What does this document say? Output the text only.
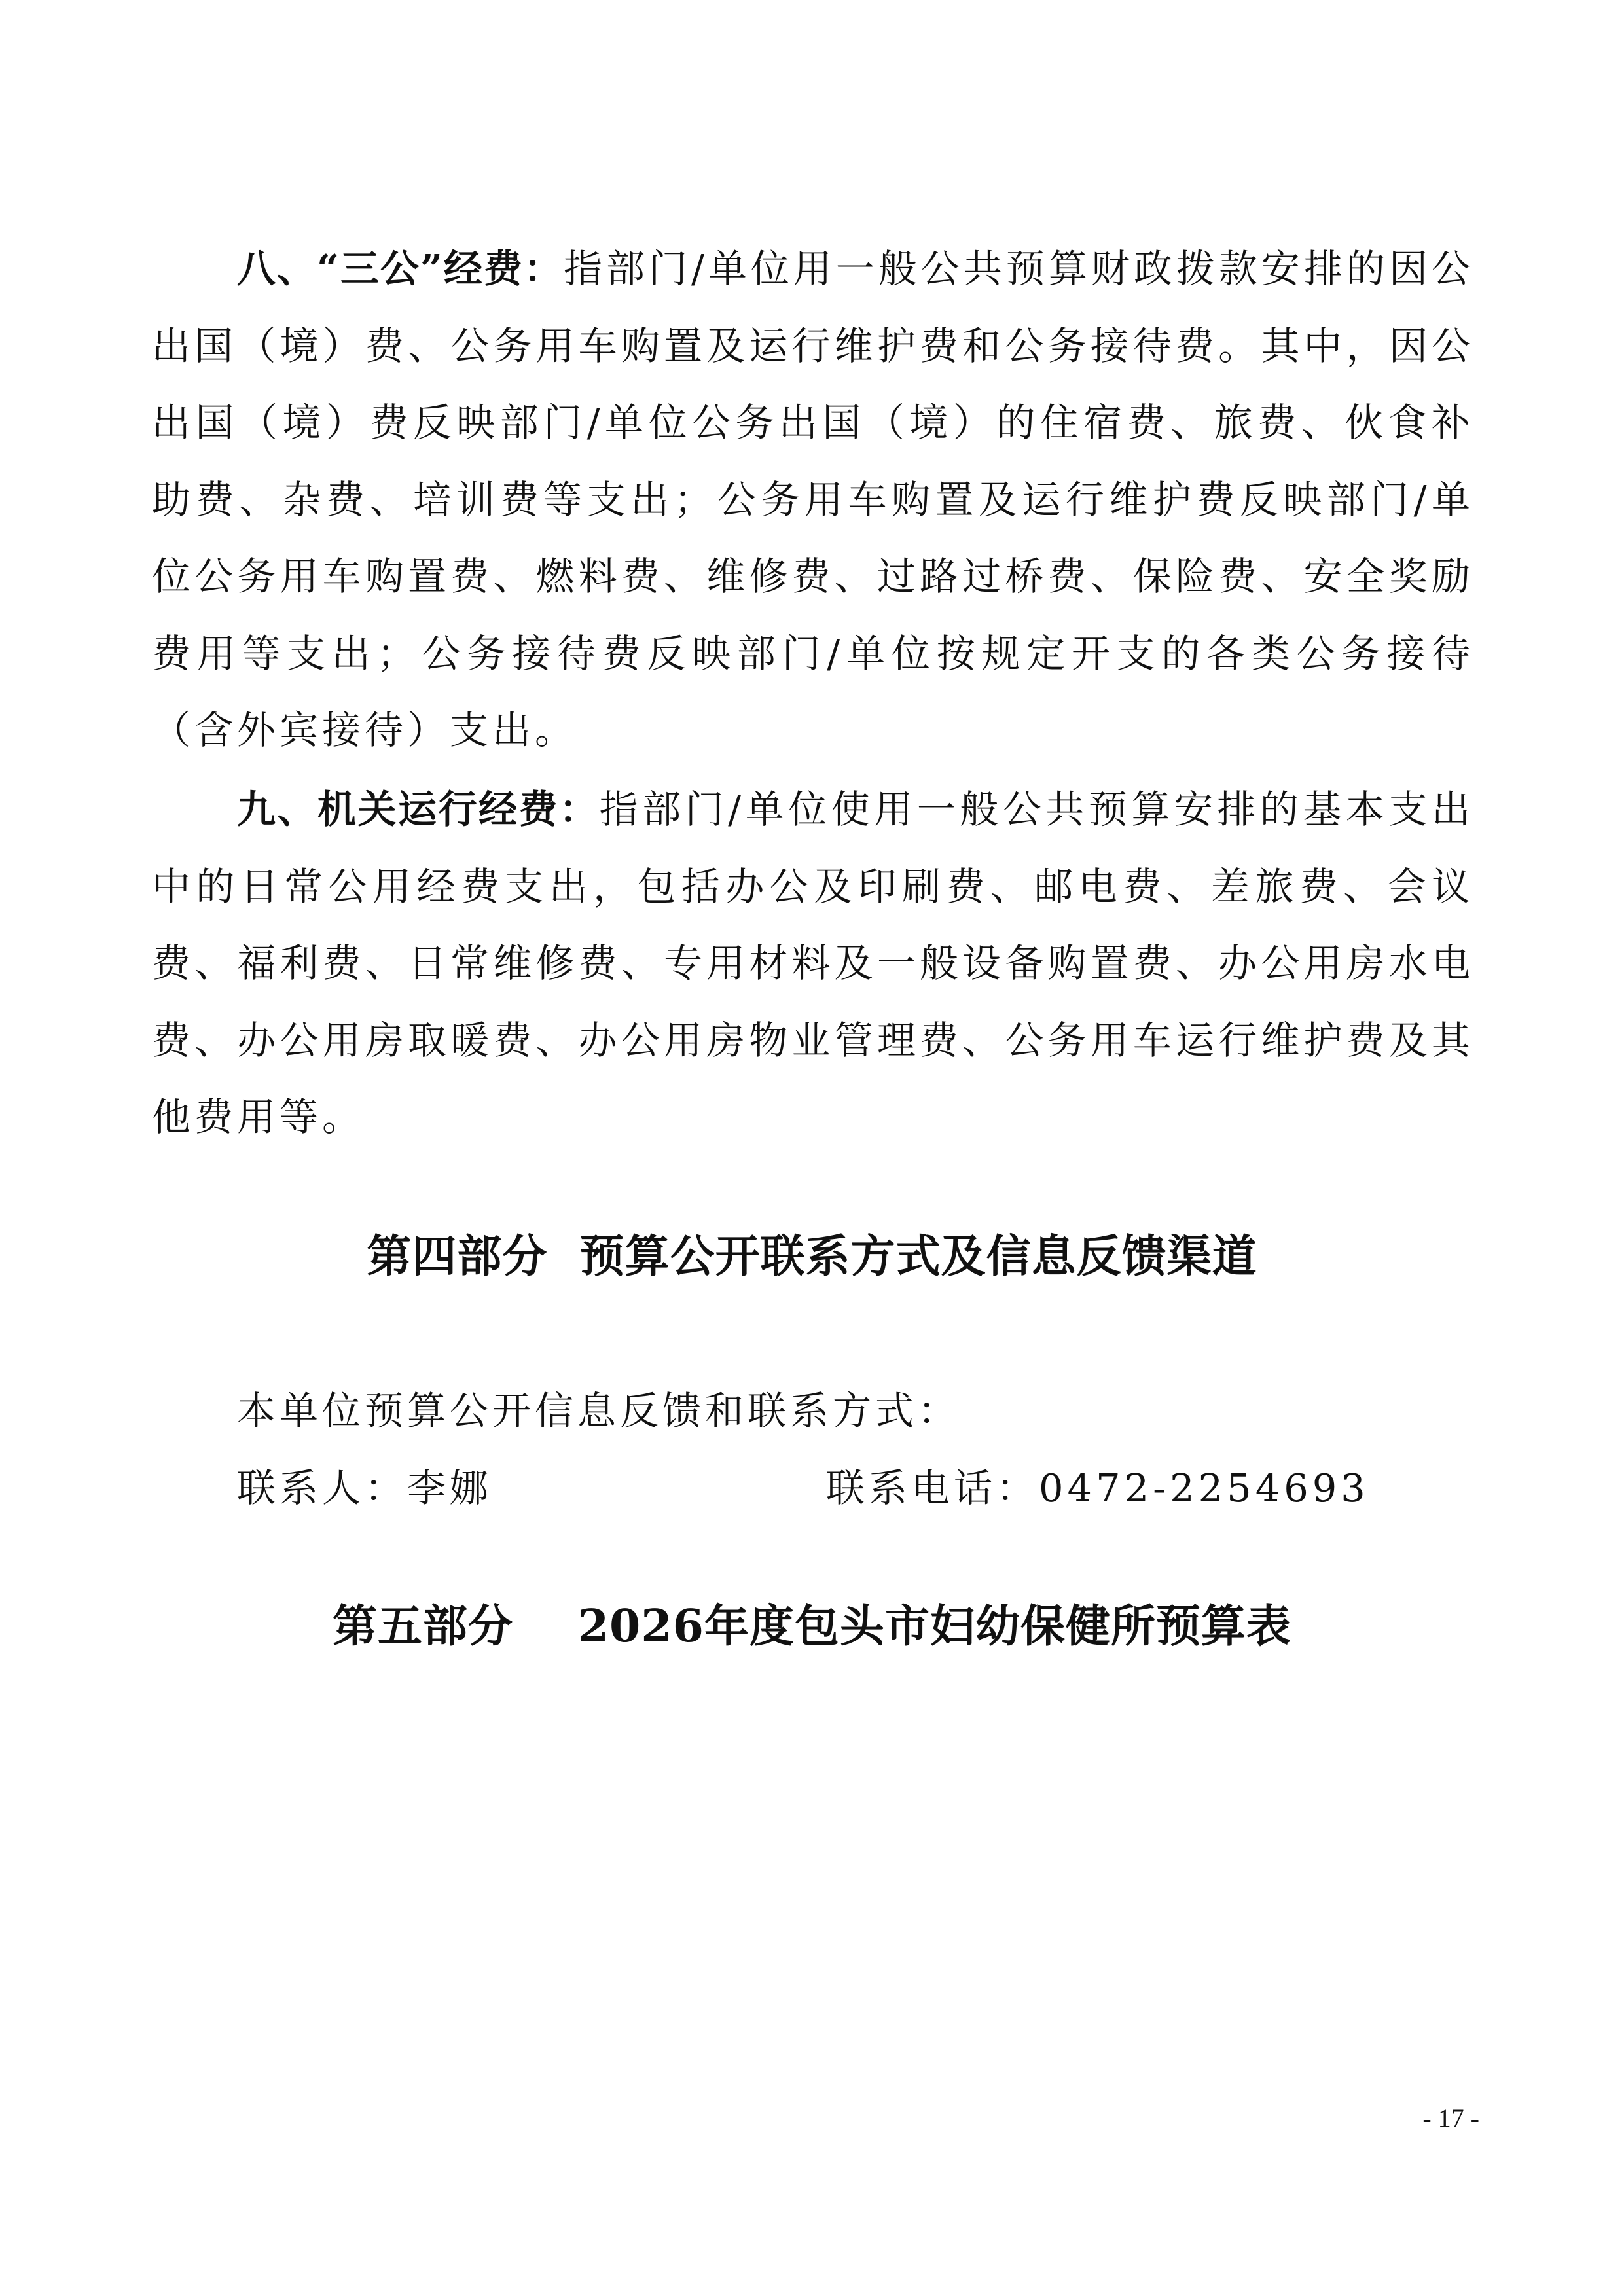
八、“三公”经费：指部门/单位用一般公共预算财政拨款安排的因公出国（境）费、公务用车购置及运行维护费和公务接待费。其中，因公出国（境）费反映部门/单位公务出国（境）的住宿费、旅费、伙食补助费、杂费、培训费等支出；公务用车购置及运行维护费反映部门/单位公务用车购置费、燃料费、维修费、过路过桥费、保险费、安全奖励费用等支出；公务接待费反映部门/单位按规定开支的各类公务接待（含外宾接待）支出。

九、机关运行经费：指部门/单位使用一般公共预算安排的基本支出中的日常公用经费支出，包括办公及印刷费、邮电费、差旅费、会议费、福利费、日常维修费、专用材料及一般设备购置费、办公用房水电费、办公用房取暖费、办公用房物业管理费、公务用车运行维护费及其他费用等。

第四部分  预算公开联系方式及信息反馈渠道

本单位预算公开信息反馈和联系方式：

联系人：李娜	联系电话：0472-2254693

第五部分    2026年度包头市妇幼保健所预算表
- 17 -
